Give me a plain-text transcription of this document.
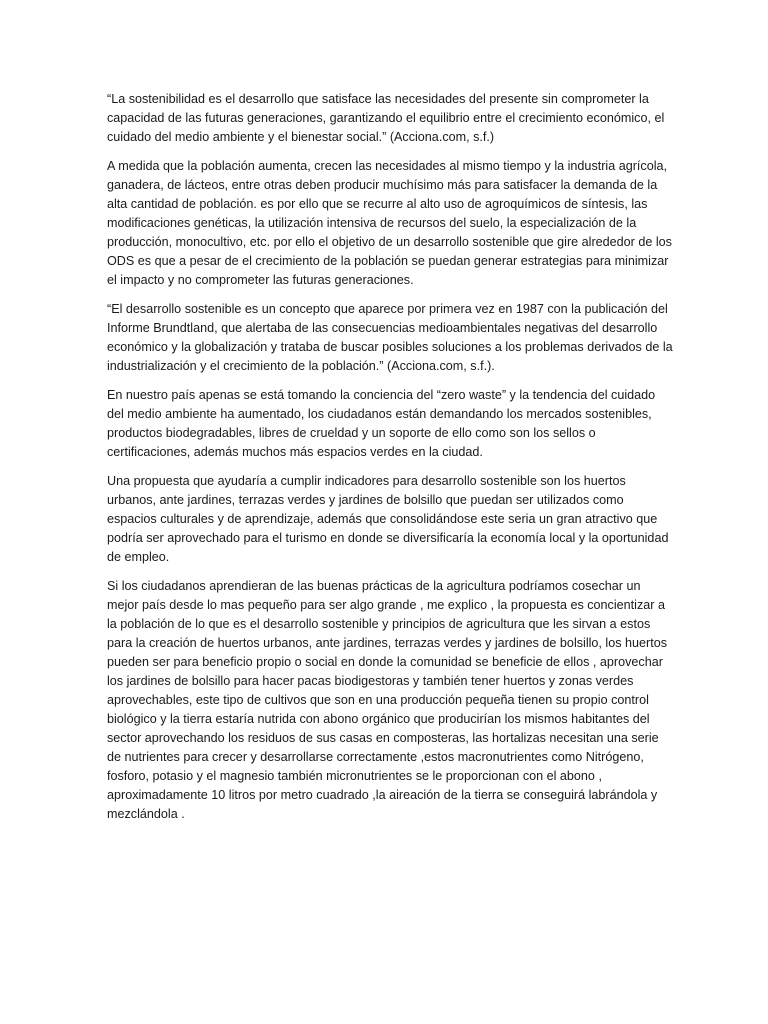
“La sostenibilidad es el desarrollo que satisface las necesidades del presente sin comprometer la capacidad de las futuras generaciones, garantizando el equilibrio entre el crecimiento económico, el cuidado del medio ambiente y el bienestar social.” (Acciona.com, s.f.)

A medida que la población aumenta, crecen las necesidades al mismo tiempo y la industria agrícola, ganadera, de lácteos, entre otras deben producir muchísimo más para satisfacer la demanda de la alta cantidad de población. es por ello que se recurre al alto uso de agroquímicos de síntesis, las modificaciones genéticas, la utilización intensiva de recursos del suelo, la especialización de la producción, monocultivo, etc. por ello el objetivo de un desarrollo sostenible que gire alrededor de los ODS es que a pesar de el crecimiento de la población se puedan generar estrategias para minimizar el impacto y no comprometer las futuras generaciones.

“El desarrollo sostenible es un concepto que aparece por primera vez en 1987 con la publicación del Informe Brundtland, que alertaba de las consecuencias medioambientales negativas del desarrollo económico y la globalización y trataba de buscar posibles soluciones a los problemas derivados de la industrialización y el crecimiento de la población.” (Acciona.com, s.f.).

En nuestro país apenas se está tomando la conciencia del “zero waste” y la tendencia del cuidado del medio ambiente ha aumentado, los ciudadanos están demandando los mercados sostenibles, productos biodegradables, libres de crueldad y un soporte de ello como son los sellos o certificaciones, además muchos más espacios verdes en la ciudad.

Una propuesta que ayudaría a cumplir indicadores para desarrollo sostenible son los huertos urbanos, ante jardines, terrazas verdes y jardines de bolsillo que puedan ser utilizados como espacios culturales y de aprendizaje, además que consolidándose este seria un gran atractivo que podría ser aprovechado para el turismo en donde se diversificaría la economía local y la oportunidad de empleo.

Si los ciudadanos aprendieran de las buenas prácticas de la agricultura podríamos cosechar un mejor país desde lo mas pequeño para ser algo grande , me explico , la propuesta es concientizar a la población de lo que es el desarrollo sostenible y principios de agricultura que les sirvan a estos para la creación de huertos urbanos, ante jardines, terrazas verdes y jardines de bolsillo, los huertos pueden ser para beneficio propio o social en donde la comunidad se beneficie de ellos , aprovechar los jardines de bolsillo para hacer pacas biodigestoras y también tener huertos y zonas verdes aprovechables, este tipo de cultivos que son en una producción pequeña tienen su propio control biológico y la tierra estaría nutrida con abono orgánico que producirían los mismos habitantes del sector aprovechando los residuos de sus casas en composteras, las hortalizas necesitan una serie de nutrientes para crecer y desarrollarse correctamente ,estos macronutrientes como Nitrógeno, fosforo, potasio y el magnesio también micronutrientes se le proporcionan con el abono , aproximadamente 10 litros por metro cuadrado ,la aireación de la tierra se conseguirá labrándola y mezclándola .
